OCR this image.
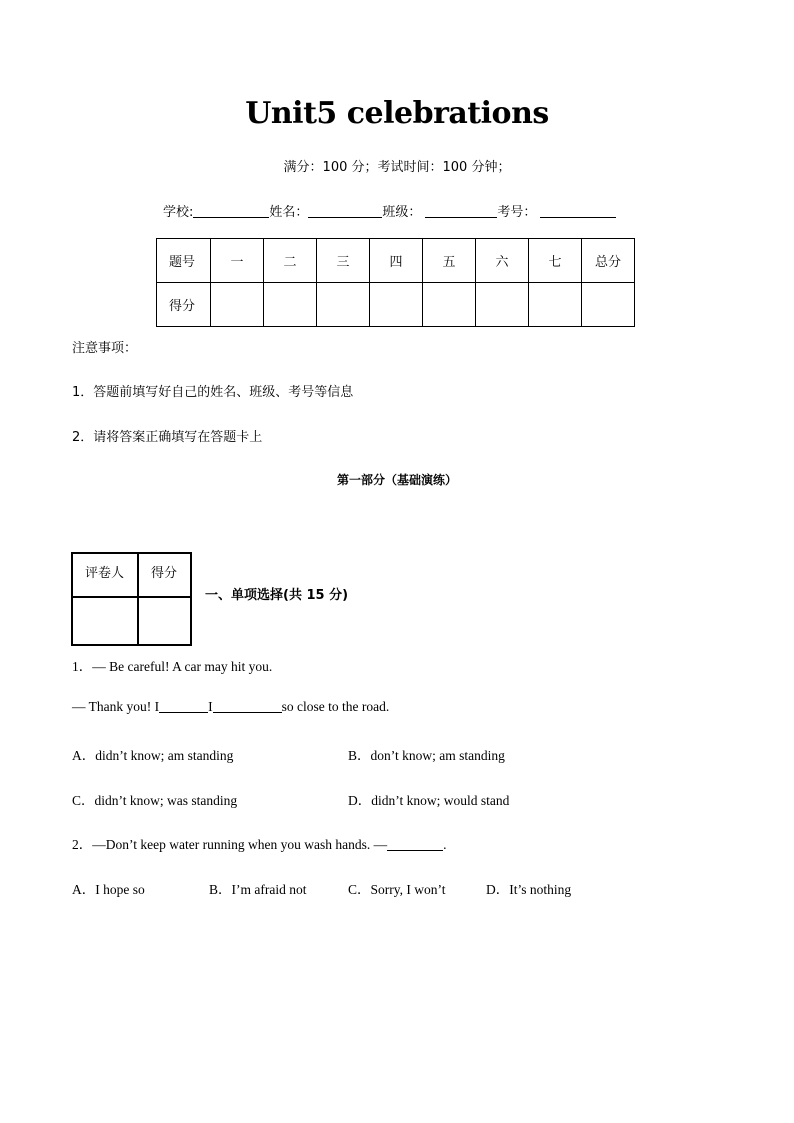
Unit5 celebrations
满分：100 分；考试时间：100 分钟；
学校:	姓名：	班级：	考号：
题号	一	二	三	四	五	六	七	总分
得分								
注意事项：
1．答题前填写好自己的姓名、班级、考号等信息
2．请将答案正确填写在答题卡上
第一部分（基础演练）
评卷人	得分

一、单项选择(共 15 分)
1．— Be careful! A car may hit you.
— Thank you! I	I	so close to the road.
A．didn’t know; am standing	B．don’t know; am standing
C．didn’t know; was standing	D．didn’t know; would stand
2．—Don’t keep water running when you wash hands. —	.
A．I hope so	B．I’m afraid not	C．Sorry, I won’t	D．It’s nothing
